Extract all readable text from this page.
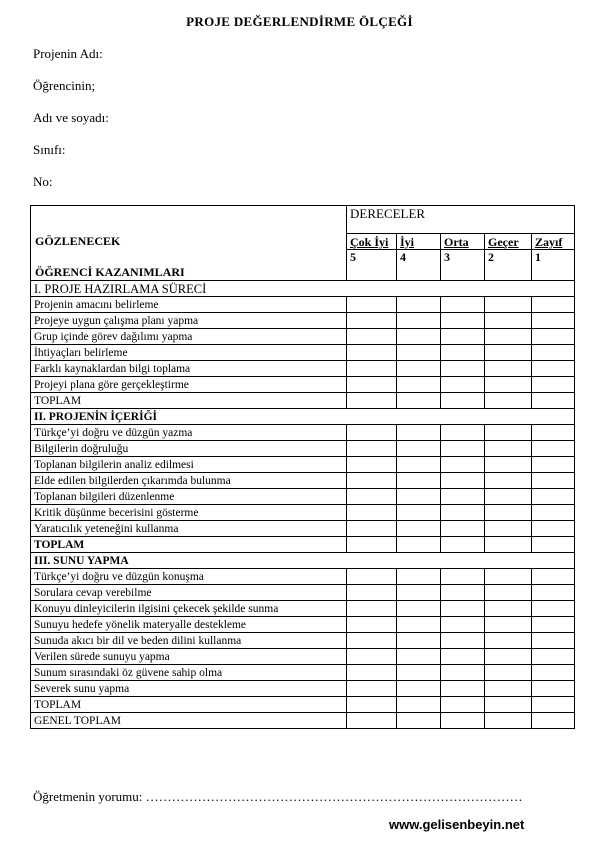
PROJE DEĞERLENDİRME ÖLÇEĞİ
Projenin Adı:
Öğrencinin;
Adı ve soyadı:
Sınıfı:
No:
GÖZLENECEK
ÖĞRENCİ KAZANIMLARI	DERECELER				
	Çok İyi	İyi	Orta	Geçer	Zayıf
	5	4	3	2	1
I. PROJE HAZIRLAMA SÜRECİ					
Projenin amacını belirleme					
Projeye uygun çalışma planı yapma					
Grup içinde görev dağılımı yapma					
İhtiyaçları belirleme					
Farklı kaynaklardan bilgi toplama					
Projeyi plana göre gerçekleştirme					
TOPLAM					
II. PROJENİN İÇERİĞİ					
Türkçe’yi doğru ve düzgün yazma					
Bilgilerin doğruluğu					
Toplanan bilgilerin analiz edilmesi					
Elde edilen bilgilerden çıkarımda bulunma					
Toplanan bilgileri düzenlenme					
Kritik düşünme becerisini gösterme					
Yaratıcılık yeteneğini kullanma					
TOPLAM					
III. SUNU YAPMA					
Türkçe’yi doğru ve düzgün konuşma					
Sorulara cevap verebilme					
Konuyu dinleyicilerin ilgisini çekecek şekilde sunma					
Sunuyu hedefe yönelik materyalle destekleme					
Sunuda akıcı bir dil ve beden dilini kullanma					
Verilen sürede sunuyu yapma					
Sunum sırasındaki öz güvene sahip olma					
Severek sunu yapma					
TOPLAM					
GENEL TOPLAM					
Öğretmenin yorumu: ……………………………………………………………………………
www.gelisenbeyin.net
